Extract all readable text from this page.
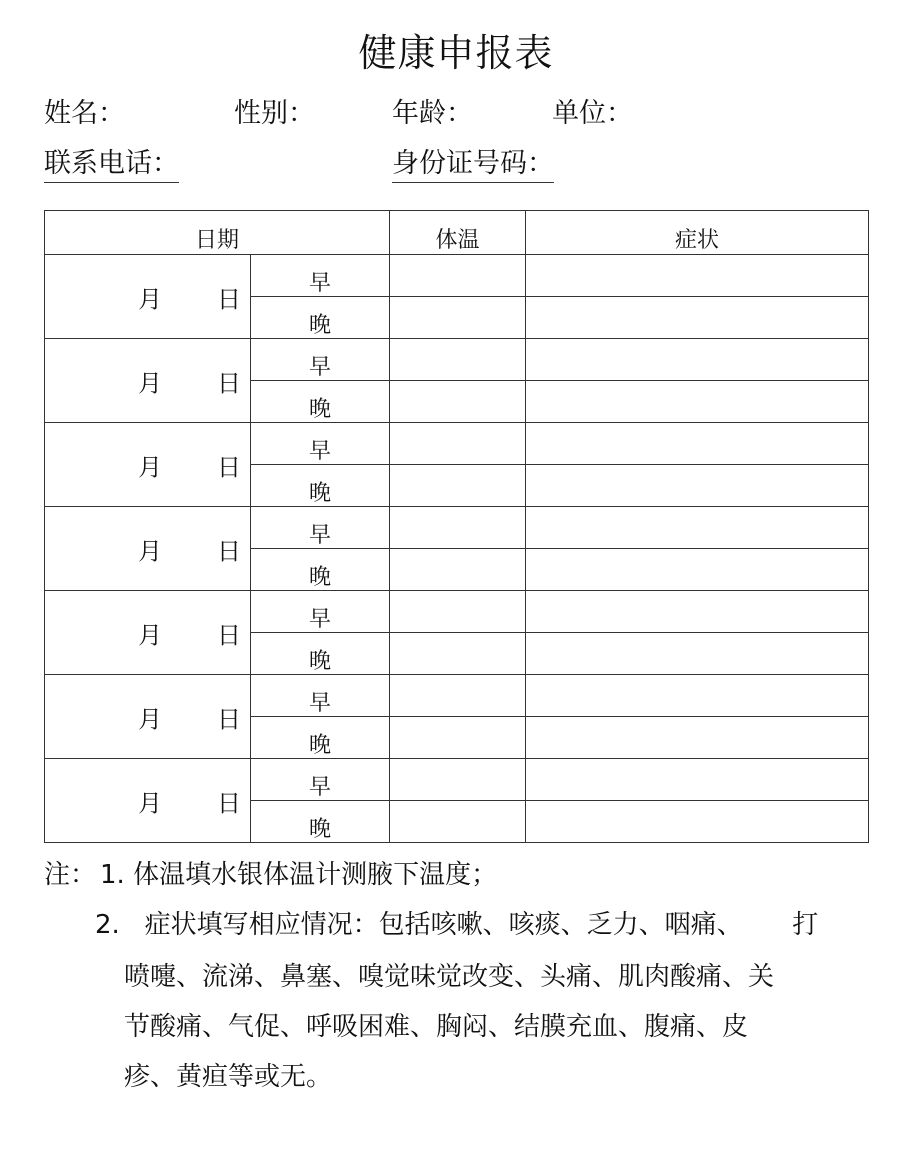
健康申报表
姓名：	性别：	年龄：	单位：
联系电话：	身份证号码：
日期		体温	症状

月 日	早		
	晚		

月 日	早		
	晚		

月 日	早		
	晚		

月 日	早		
	晚		

月 日	早		
	晚		

月 日	早		
	晚		

月 日	早		
	晚		
注： 1. 体温填水银体温计测腋下温度；
2.   症状填写相应情况：包括咳嗽、咳痰、乏力、咽痛、      打
喷嚏、流涕、鼻塞、嗅觉味觉改变、头痛、肌肉酸痛、关
节酸痛、气促、呼吸困难、胸闷、结膜充血、腹痛、皮
疹、黄疸等或无。
